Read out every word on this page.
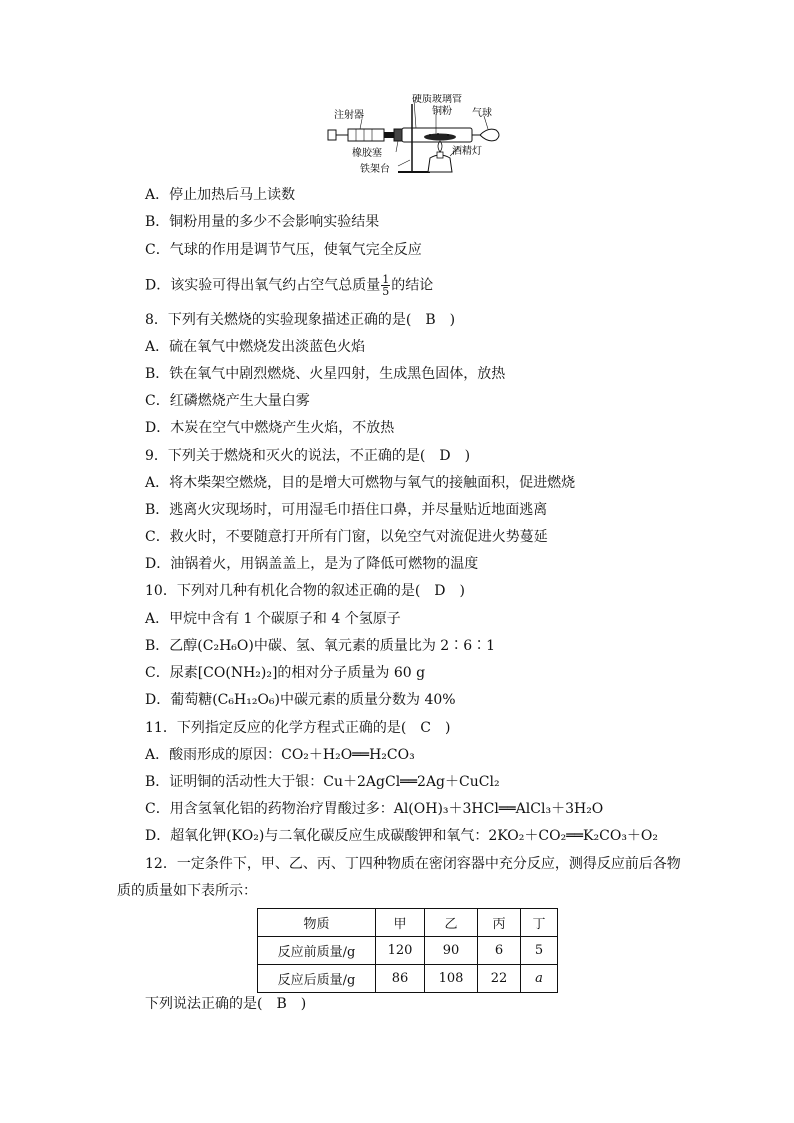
注射器
硬质玻璃管
铜粉 气球
橡胶塞	酒精灯
铁架台
A．停止加热后马上读数
B．铜粉用量的多少不会影响实验结果
C．气球的作用是调节气压，使氧气完全反应
D．该实验可得出氧气约占空气总质量 $\frac{1}{5}$ 的结论
8．下列有关燃烧的实验现象描述正确的是(　B　)
A．硫在氧气中燃烧发出淡蓝色火焰
B．铁在氧气中剧烈燃烧、火星四射，生成黑色固体，放热
C．红磷燃烧产生大量白雾
D．木炭在空气中燃烧产生火焰，不放热
9．下列关于燃烧和灭火的说法，不正确的是(　D　)
A．将木柴架空燃烧，目的是增大可燃物与氧气的接触面积，促进燃烧
B．逃离火灾现场时，可用湿毛巾捂住口鼻，并尽量贴近地面逃离
C．救火时，不要随意打开所有门窗，以免空气对流促进火势蔓延
D．油锅着火，用锅盖盖上，是为了降低可燃物的温度
10．下列对几种有机化合物的叙述正确的是(　D　)
A．甲烷中含有 1 个碳原子和 4 个氢原子
B．乙醇(C₂H₆O)中碳、氢、氧元素的质量比为 2∶6∶1
C．尿素[CO(NH₂)₂]的相对分子质量为 60 g
D．葡萄糖(C₆H₁₂O₆)中碳元素的质量分数为 40%
11．下列指定反应的化学方程式正确的是(　C　)
A．酸雨形成的原因：CO₂＋H₂O══H₂CO₃
B．证明铜的活动性大于银：Cu＋2AgCl══2Ag＋CuCl₂
C．用含氢氧化铝的药物治疗胃酸过多：Al(OH)₃＋3HCl══AlCl₃＋3H₂O
D．超氧化钾(KO₂)与二氧化碳反应生成碳酸钾和氧气：2KO₂＋CO₂══K₂CO₃＋O₂
12．一定条件下，甲、乙、丙、丁四种物质在密闭容器中充分反应，测得反应前后各物
质的质量如下表所示：
物质	甲	乙	丙	丁
反应前质量/g	120	90	6	5
反应后质量/g	86	108	22	a
下列说法正确的是(　B　)
